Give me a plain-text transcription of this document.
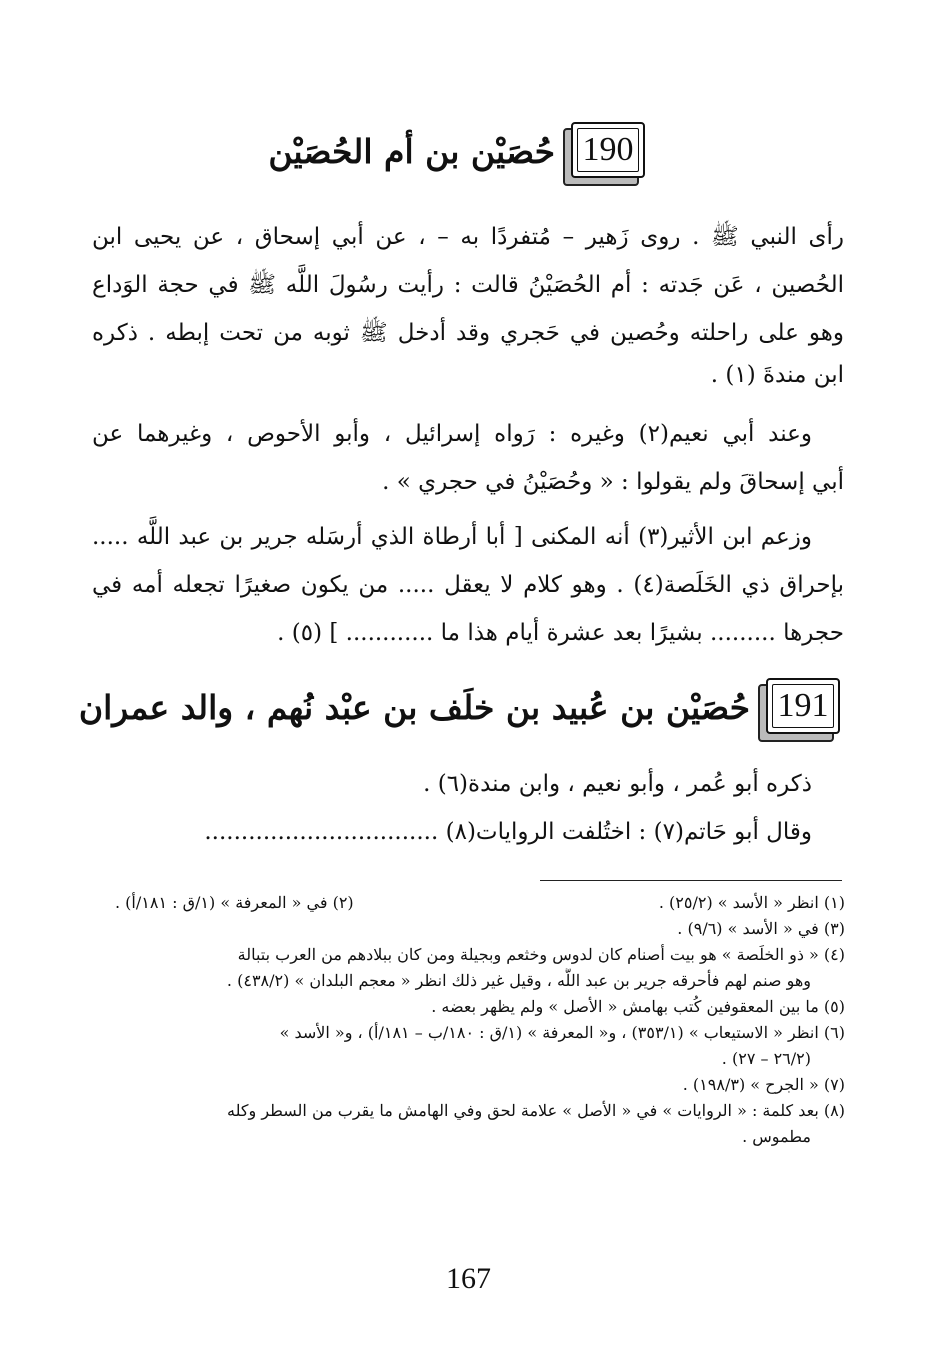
190
حُصَيْن بن أم الحُصَيْن
رأى النبي ﷺ . روى زَهير – مُتفردًا به – ، عن أبي إسحاق ، عن يحيى ابن
الحُصين ، عَن جَدته : أم الحُصَيْنُ قالت : رأيت رسُولَ اللَّه ﷺ في حجة الوَداع
وهو على راحلته وحُصين في حَجري وقد أدخل ﷺ ثوبه من تحت إبطه . ذكره
ابن مندةَ (١) .
وعند أبي نعيم(٢) وغيره : رَواه إسرائيل ، وأبو الأحوص ، وغيرهما عن
أبي إسحاقَ ولم يقولوا : « وحُصَيْنُ في حجري » .
وزعم ابن الأثير(٣) أنه المكنى [ أبا أرطاة الذي أرسَله جرير بن عبد اللَّه .....
بإحراق ذي الخَلَصة(٤) . وهو كلام لا يعقل ..... من يكون صغيرًا تجعله أمه في
حجرها ......... بشيرًا بعد عشرة أيام هذا ما ............ ] (٥) .
191
حُصَيْن بن عُبيد بن خلَف بن عبْد نُهم ، والد عمران
ذكره أبو عُمر ، وأبو نعيم ، وابن مندة(٦) .
وقال أبو حَاتم(٧) : اختُلفت الروايات(٨) ................................
(١) انظر « الأسد » (٢٥/٢) .
(٢) في « المعرفة » (١/ق : ١٨١/أ) .
(٣) في « الأسد » (٩/٦) .
(٤) « ذو الخلَصة » هو بيت أصنام كان لدوس وخثعم وبجيلة ومن كان ببلادهم من العرب بتبالة
وهو صنم لهم فأحرقه جرير بن عبد اللَّه ، وقيل غير ذلك انظر « معجم البلدان » (٤٣٨/٢) .
(٥) ما بين المعقوفين كُتب بهامش « الأصل » ولم يظهر بعضه .
(٦) انظر « الاستيعاب » (٣٥٣/١) ، و« المعرفة » (١/ق : ١٨٠/ب – ١٨١/أ) ، و« الأسد »
(٢٦/٢ – ٢٧) .
(٧) « الجرح » (١٩٨/٣) .
(٨) بعد كلمة : « الروايات » في « الأصل » علامة لحق وفي الهامش ما يقرب من السطر وكله
مطموس .
167
